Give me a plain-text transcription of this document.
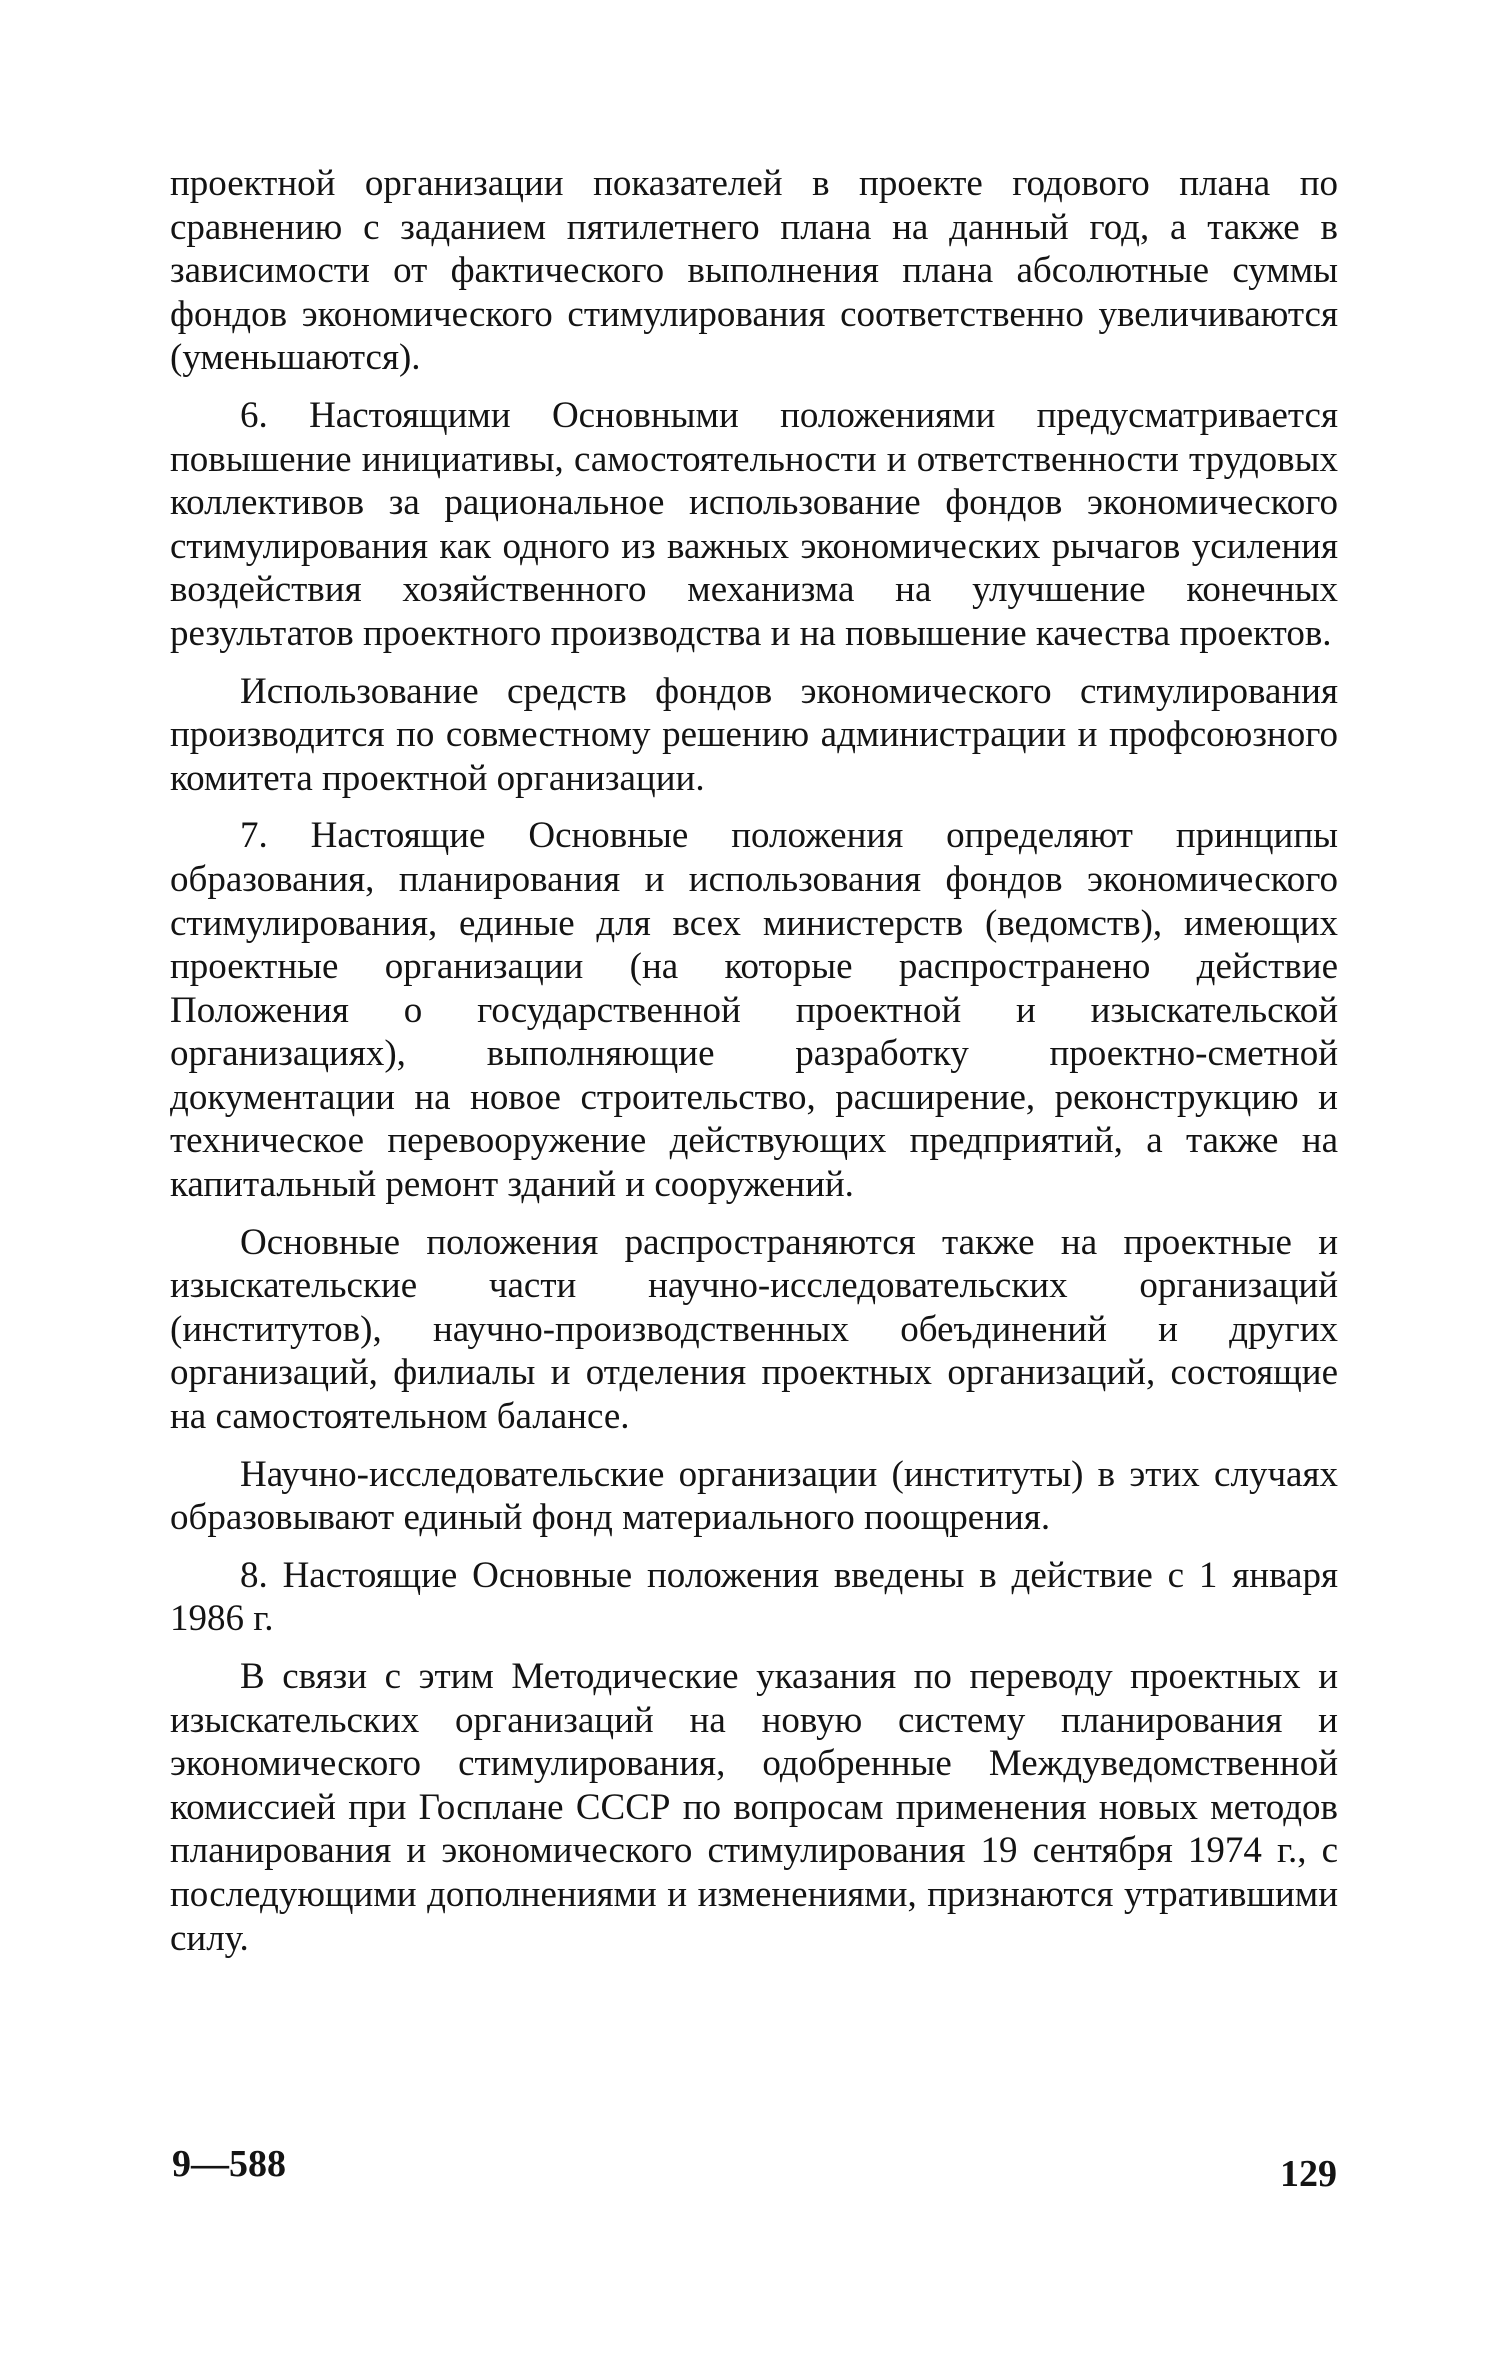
проектной организации показателей в проекте годового плана по сравнению с заданием пятилетнего плана на данный год, а также в зависимости от фактического выполнения плана абсолютные суммы фондов экономического стимулирования соответственно увеличиваются (уменьшаются).

6. Настоящими Основными положениями предусматривается повышение инициативы, самостоятельности и ответственности трудовых коллективов за рациональное использование фондов экономического стимулирования как одного из важных экономических рычагов усиления воздействия хозяйственного механизма на улучшение конечных результатов проектного производства и на повышение качества проектов.

Использование средств фондов экономического стимулирования производится по совместному решению администрации и профсоюзного комитета проектной организации.

7. Настоящие Основные положения определяют принципы образования, планирования и использования фондов экономического стимулирования, единые для всех министерств (ведомств), имеющих проектные организации (на которые распространено действие Положения о государственной проектной и изыскательской организациях), выполняющие разработку проектно-сметной документации на новое строительство, расширение, реконструкцию и техническое перевооружение действующих предприятий, а также на капитальный ремонт зданий и сооружений.

Основные положения распространяются также на проектные и изыскательские части научно-исследовательских организаций (институтов), научно-производственных обеъдинений и других организаций, филиалы и отделения проектных организаций, состоящие на самостоятельном балансе.

Научно-исследовательские организации (институты) в этих случаях образовывают единый фонд материального поощрения.

8. Настоящие Основные положения введены в действие с 1 января 1986 г.

В связи с этим Методические указания по переводу проектных и изыскательских организаций на новую систему планирования и экономического стимулирования, одобренные Междуведомственной комиссией при Госплане СССР по вопросам применения новых методов планирования и экономического стимулирования 19 сентября 1974 г., с последующими дополнениями и изменениями, признаются утратившими силу.

9—588	129
